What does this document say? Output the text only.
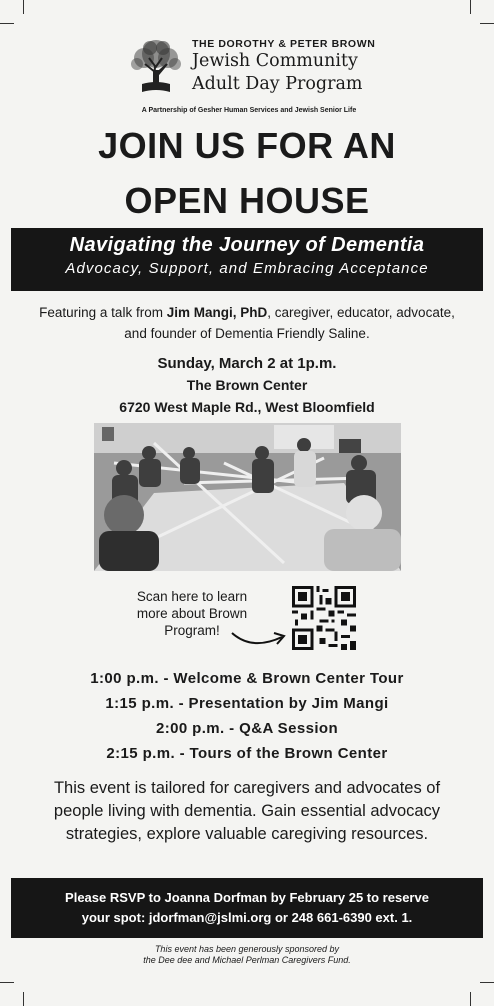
THE DOROTHY & PETER BROWN
Jewish Community
Adult Day Program
A Partnership of Gesher Human Services and Jewish Senior Life
JOIN US FOR AN
OPEN HOUSE
Navigating the Journey of Dementia
Advocacy, Support, and Embracing Acceptance
Featuring a talk from Jim Mangi, PhD, caregiver, educator, advocate, and founder of Dementia Friendly Saline.
Sunday, March 2 at 1p.m.
The Brown Center
6720 West Maple Rd., West Bloomfield
Scan here to learn more about Brown Program!
1:00 p.m. - Welcome & Brown Center Tour
1:15 p.m. - Presentation by Jim Mangi
2:00 p.m. - Q&A Session
2:15 p.m. - Tours of the Brown Center
This event is tailored for caregivers and advocates of people living with dementia. Gain essential advocacy strategies, explore valuable caregiving resources.
Please RSVP to Joanna Dorfman by February 25 to reserve
your spot: jdorfman@jslmi.org or 248 661-6390 ext. 1.
This event has been generously sponsored by
the Dee dee and Michael Perlman Caregivers Fund.
